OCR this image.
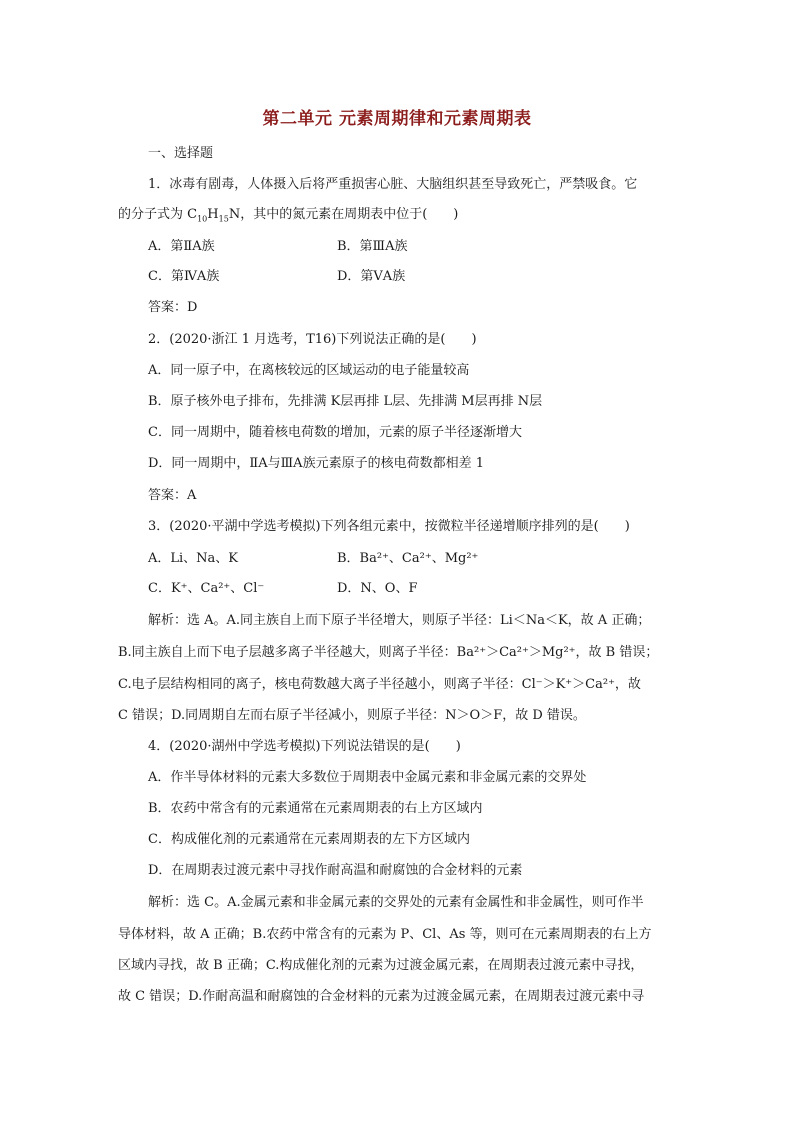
第二单元 元素周期律和元素周期表
一、选择题
1．冰毒有剧毒，人体摄入后将严重损害心脏、大脑组织甚至导致死亡，严禁吸食。它
的分子式为 $C_{10}H_{15}N$，其中的氮元素在周期表中位于(　　)
A．第ⅡA族	B．第ⅢA族
C．第ⅣA族	D．第ⅤA族
答案：D
2．(2020·浙江 1 月选考，T16)下列说法正确的是(　　)
A．同一原子中，在离核较远的区域运动的电子能量较高
B．原子核外电子排布，先排满 K层再排 L层、先排满 M层再排 N层
C．同一周期中，随着核电荷数的增加，元素的原子半径逐渐增大
D．同一周期中，ⅡA与ⅢA族元素原子的核电荷数都相差 1
答案：A
3．(2020·平湖中学选考模拟)下列各组元素中，按微粒半径递增顺序排列的是(　　)
A．Li、Na、K	B．Ba²⁺、Ca²⁺、Mg²⁺
C．K⁺、Ca²⁺、Cl⁻	D．N、O、F
解析：选 A。A.同主族自上而下原子半径增大，则原子半径：Li＜Na＜K，故 A 正确；
B.同主族自上而下电子层越多离子半径越大，则离子半径：Ba²⁺＞Ca²⁺＞Mg²⁺，故 B 错误；
C.电子层结构相同的离子，核电荷数越大离子半径越小，则离子半径：Cl⁻＞K⁺＞Ca²⁺，故
C 错误；D.同周期自左而右原子半径减小，则原子半径：N＞O＞F，故 D 错误。
4．(2020·湖州中学选考模拟)下列说法错误的是(　　)
A．作半导体材料的元素大多数位于周期表中金属元素和非金属元素的交界处
B．农药中常含有的元素通常在元素周期表的右上方区域内
C．构成催化剂的元素通常在元素周期表的左下方区域内
D．在周期表过渡元素中寻找作耐高温和耐腐蚀的合金材料的元素
解析：选 C。A.金属元素和非金属元素的交界处的元素有金属性和非金属性，则可作半
导体材料，故 A 正确；B.农药中常含有的元素为 P、Cl、As 等，则可在元素周期表的右上方
区域内寻找，故 B 正确；C.构成催化剂的元素为过渡金属元素，在周期表过渡元素中寻找，
故 C 错误；D.作耐高温和耐腐蚀的合金材料的元素为过渡金属元素，在周期表过渡元素中寻
